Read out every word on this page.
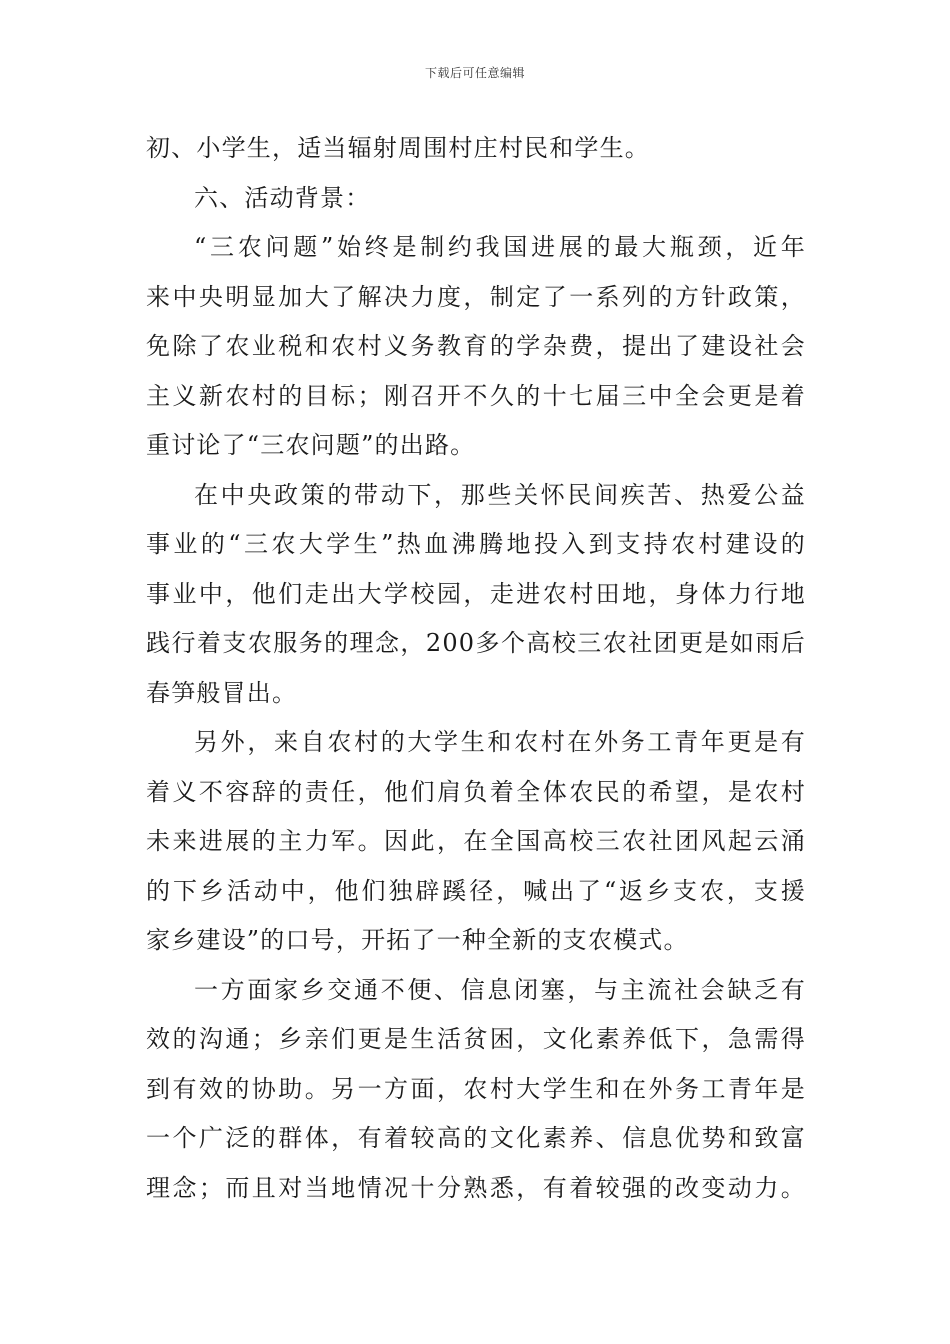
下载后可任意编辑
初、小学生，适当辐射周围村庄村民和学生。
六、活动背景：
“三农问题”始终是制约我国进展的最大瓶颈，近年
来中央明显加大了解决力度，制定了一系列的方针政策，
免除了农业税和农村义务教育的学杂费，提出了建设社会
主义新农村的目标；刚召开不久的十七届三中全会更是着
重讨论了“三农问题”的出路。
在中央政策的带动下，那些关怀民间疾苦、热爱公益
事业的“三农大学生”热血沸腾地投入到支持农村建设的
事业中，他们走出大学校园，走进农村田地，身体力行地
践行着支农服务的理念，200多个高校三农社团更是如雨后
春笋般冒出。
另外，来自农村的大学生和农村在外务工青年更是有
着义不容辞的责任，他们肩负着全体农民的希望，是农村
未来进展的主力军。因此，在全国高校三农社团风起云涌
的下乡活动中，他们独辟蹊径，喊出了“返乡支农，支援
家乡建设”的口号，开拓了一种全新的支农模式。
一方面家乡交通不便、信息闭塞，与主流社会缺乏有
效的沟通；乡亲们更是生活贫困，文化素养低下，急需得
到有效的协助。另一方面，农村大学生和在外务工青年是
一个广泛的群体，有着较高的文化素养、信息优势和致富
理念；而且对当地情况十分熟悉，有着较强的改变动力。
